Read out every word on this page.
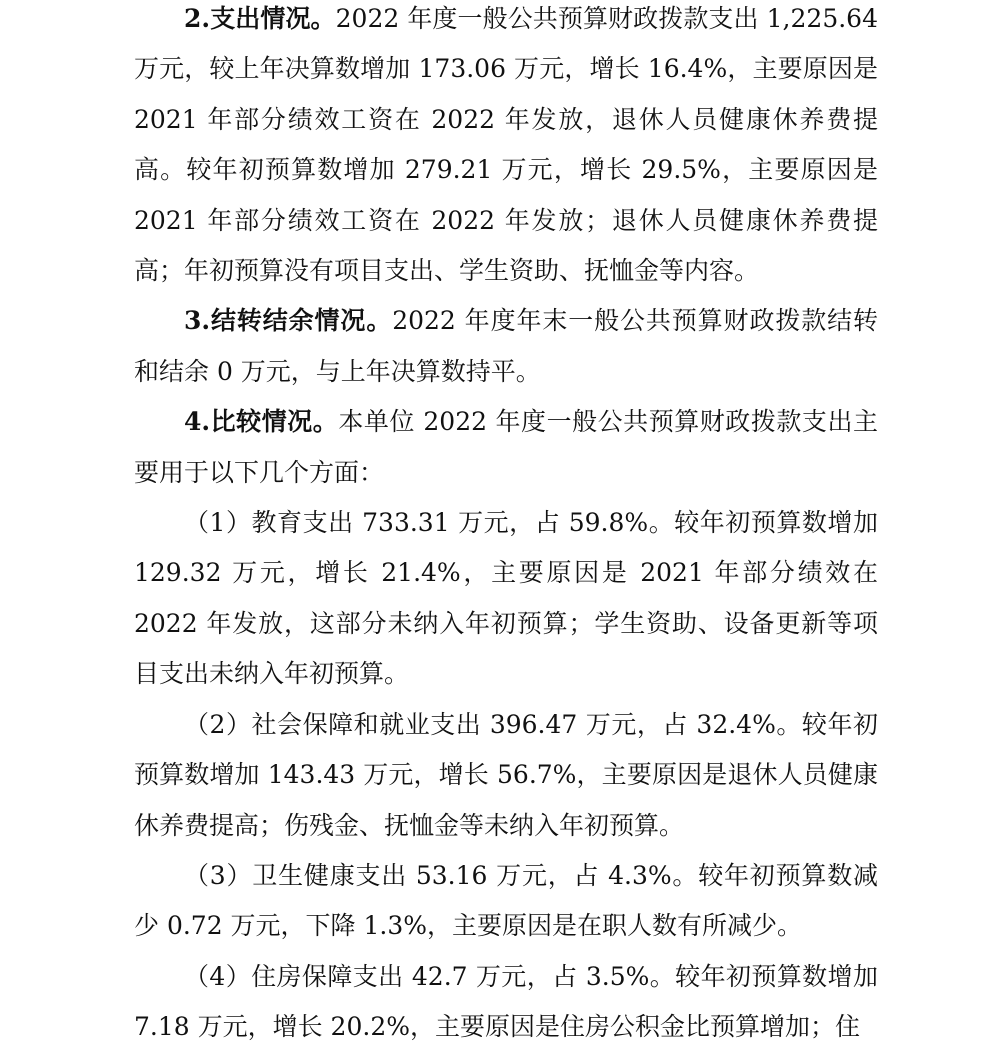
2.支出情况。2022 年度一般公共预算财政拨款支出 1,225.64 万元，较上年决算数增加 173.06 万元，增长 16.4%，主要原因是 2021 年部分绩效工资在 2022 年发放，退休人员健康休养费提高。较年初预算数增加 279.21 万元，增长 29.5%，主要原因是 2021 年部分绩效工资在 2022 年发放；退休人员健康休养费提高；年初预算没有项目支出、学生资助、抚恤金等内容。

3.结转结余情况。2022 年度年末一般公共预算财政拨款结转和结余 0 万元，与上年决算数持平。

4.比较情况。本单位 2022 年度一般公共预算财政拨款支出主要用于以下几个方面：

（1）教育支出 733.31 万元，占 59.8%。较年初预算数增加 129.32 万元，增长 21.4%，主要原因是 2021 年部分绩效在 2022 年发放，这部分未纳入年初预算；学生资助、设备更新等项目支出未纳入年初预算。

（2）社会保障和就业支出 396.47 万元，占 32.4%。较年初预算数增加 143.43 万元，增长 56.7%，主要原因是退休人员健康休养费提高；伤残金、抚恤金等未纳入年初预算。

（3）卫生健康支出 53.16 万元，占 4.3%。较年初预算数减少 0.72 万元，下降 1.3%，主要原因是在职人数有所减少。

（4）住房保障支出 42.7 万元，占 3.5%。较年初预算数增加 7.18 万元，增长 20.2%，主要原因是住房公积金比预算增加；住
